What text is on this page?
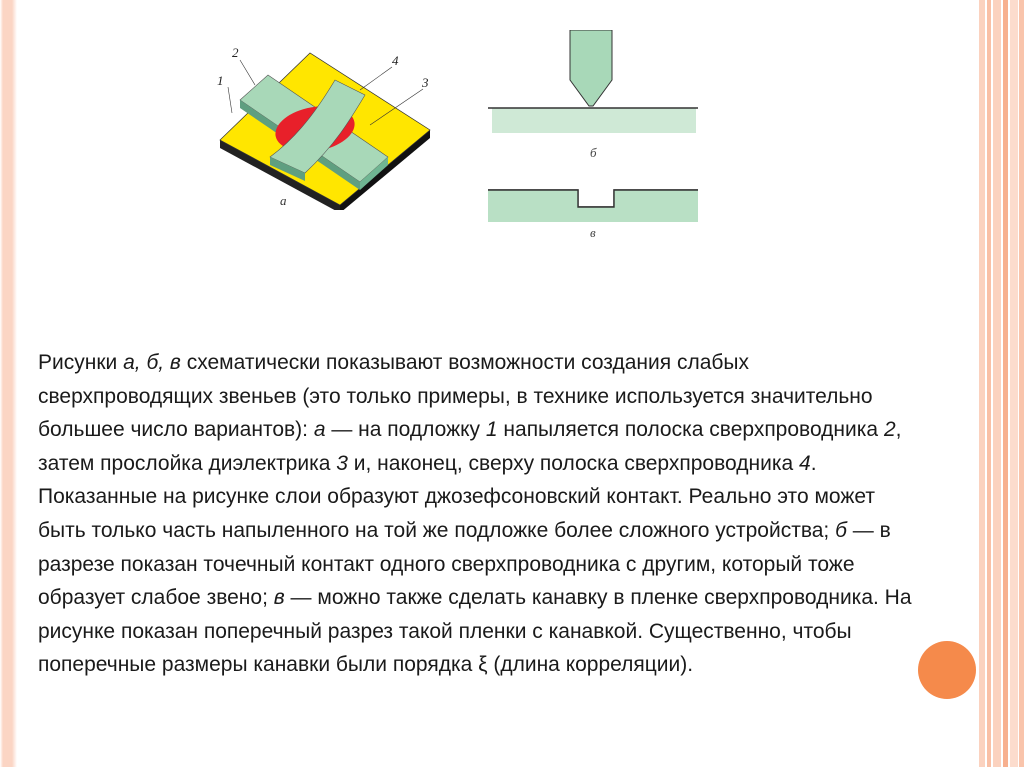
1
2
4
3
а
б
в

Рисунки а, б, в схематически показывают возможности создания слабых сверхпроводящих звеньев (это только примеры, в технике используется значительно большее число вариантов): а — на подложку 1 напыляется полоска сверхпроводника 2, затем прослойка диэлектрика 3 и, наконец, сверху полоска сверхпроводника 4. Показанные на рисунке слои образуют джозефсоновский контакт. Реально это может быть только часть напыленного на той же подложке более сложного устройства; б — в разрезе показан точечный контакт одного сверхпроводника с другим, который тоже образует слабое звено; в — можно также сделать канавку в пленке сверхпроводника. На рисунке показан поперечный разрез такой пленки с канавкой. Существенно, чтобы поперечные размеры канавки были порядка ξ (длина корреляции).
